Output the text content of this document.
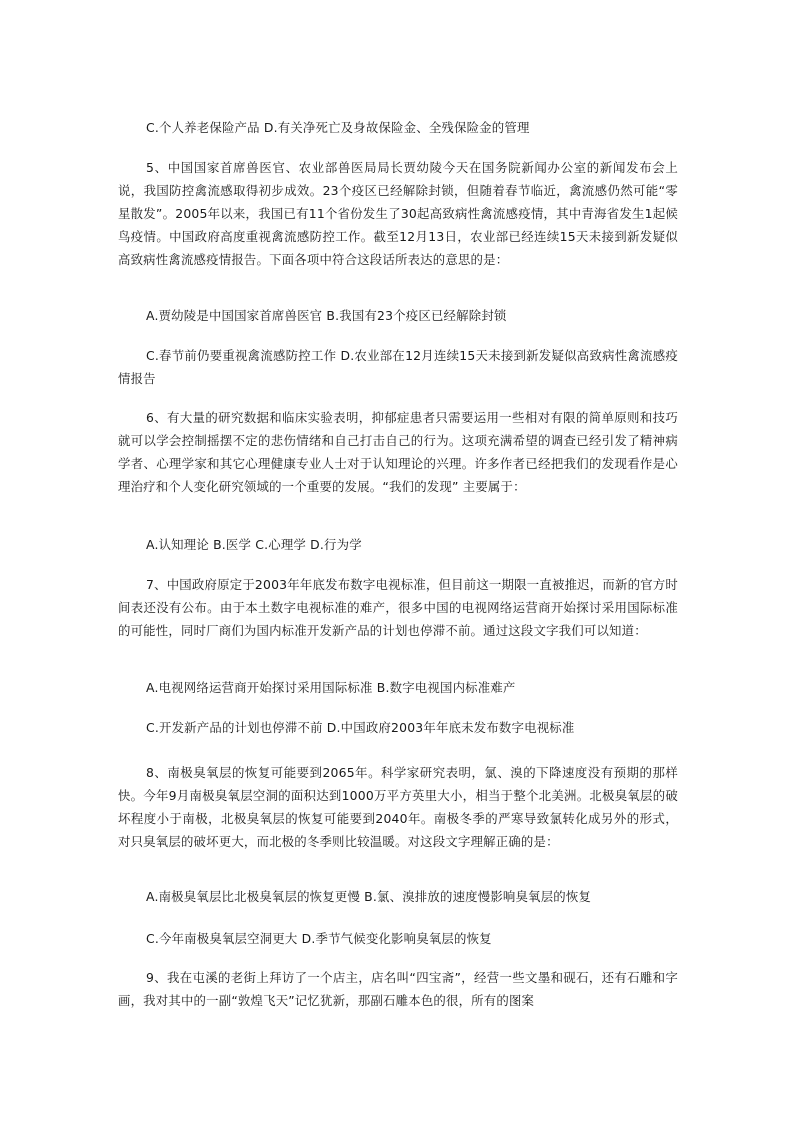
C.个人养老保险产品 D.有关净死亡及身故保险金、全残保险金的管理

5、中国国家首席兽医官、农业部兽医局局长贾幼陵今天在国务院新闻办公室的新闻发布会上说，我国防控禽流感取得初步成效。23个疫区已经解除封锁，但随着春节临近，禽流感仍然可能“零星散发”。2005年以来，我国已有11个省份发生了30起高致病性禽流感疫情，其中青海省发生1起候鸟疫情。中国政府高度重视禽流感防控工作。截至12月13日，农业部已经连续15天未接到新发疑似高致病性禽流感疫情报告。下面各项中符合这段话所表达的意思的是：

A.贾幼陵是中国国家首席兽医官 B.我国有23个疫区已经解除封锁

C.春节前仍要重视禽流感防控工作 D.农业部在12月连续15天未接到新发疑似高致病性禽流感疫情报告

6、有大量的研究数据和临床实验表明，抑郁症患者只需要运用一些相对有限的简单原则和技巧就可以学会控制摇摆不定的悲伤情绪和自己打击自己的行为。这项充满希望的调查已经引发了精神病学者、心理学家和其它心理健康专业人士对于认知理论的兴理。许多作者已经把我们的发现看作是心理治疗和个人变化研究领域的一个重要的发展。“我们的发现” 主要属于：

A.认知理论 B.医学 C.心理学 D.行为学

7、中国政府原定于2003年年底发布数字电视标准，但目前这一期限一直被推迟，而新的官方时间表还没有公布。由于本土数字电视标准的难产，很多中国的电视网络运营商开始探讨采用国际标准的可能性，同时厂商们为国内标准开发新产品的计划也停滞不前。通过这段文字我们可以知道：

A.电视网络运营商开始探讨采用国际标准 B.数字电视国内标准难产

C.开发新产品的计划也停滞不前 D.中国政府2003年年底未发布数字电视标准

8、南极臭氧层的恢复可能要到2065年。科学家研究表明，氯、溴的下降速度没有预期的那样快。今年9月南极臭氧层空洞的面积达到1000万平方英里大小，相当于整个北美洲。北极臭氧层的破坏程度小于南极，北极臭氧层的恢复可能要到2040年。南极冬季的严寒导致氯转化成另外的形式，对只臭氧层的破坏更大，而北极的冬季则比较温暖。对这段文字理解正确的是：

A.南极臭氧层比北极臭氧层的恢复更慢 B.氯、溴排放的速度慢影响臭氧层的恢复

C.今年南极臭氧层空洞更大 D.季节气候变化影响臭氧层的恢复

9、我在屯溪的老街上拜访了一个店主，店名叫“四宝斋”，经营一些文墨和砚石，还有石雕和字画，我对其中的一副“敦煌飞天”记忆犹新，那副石雕本色的很，所有的图案
